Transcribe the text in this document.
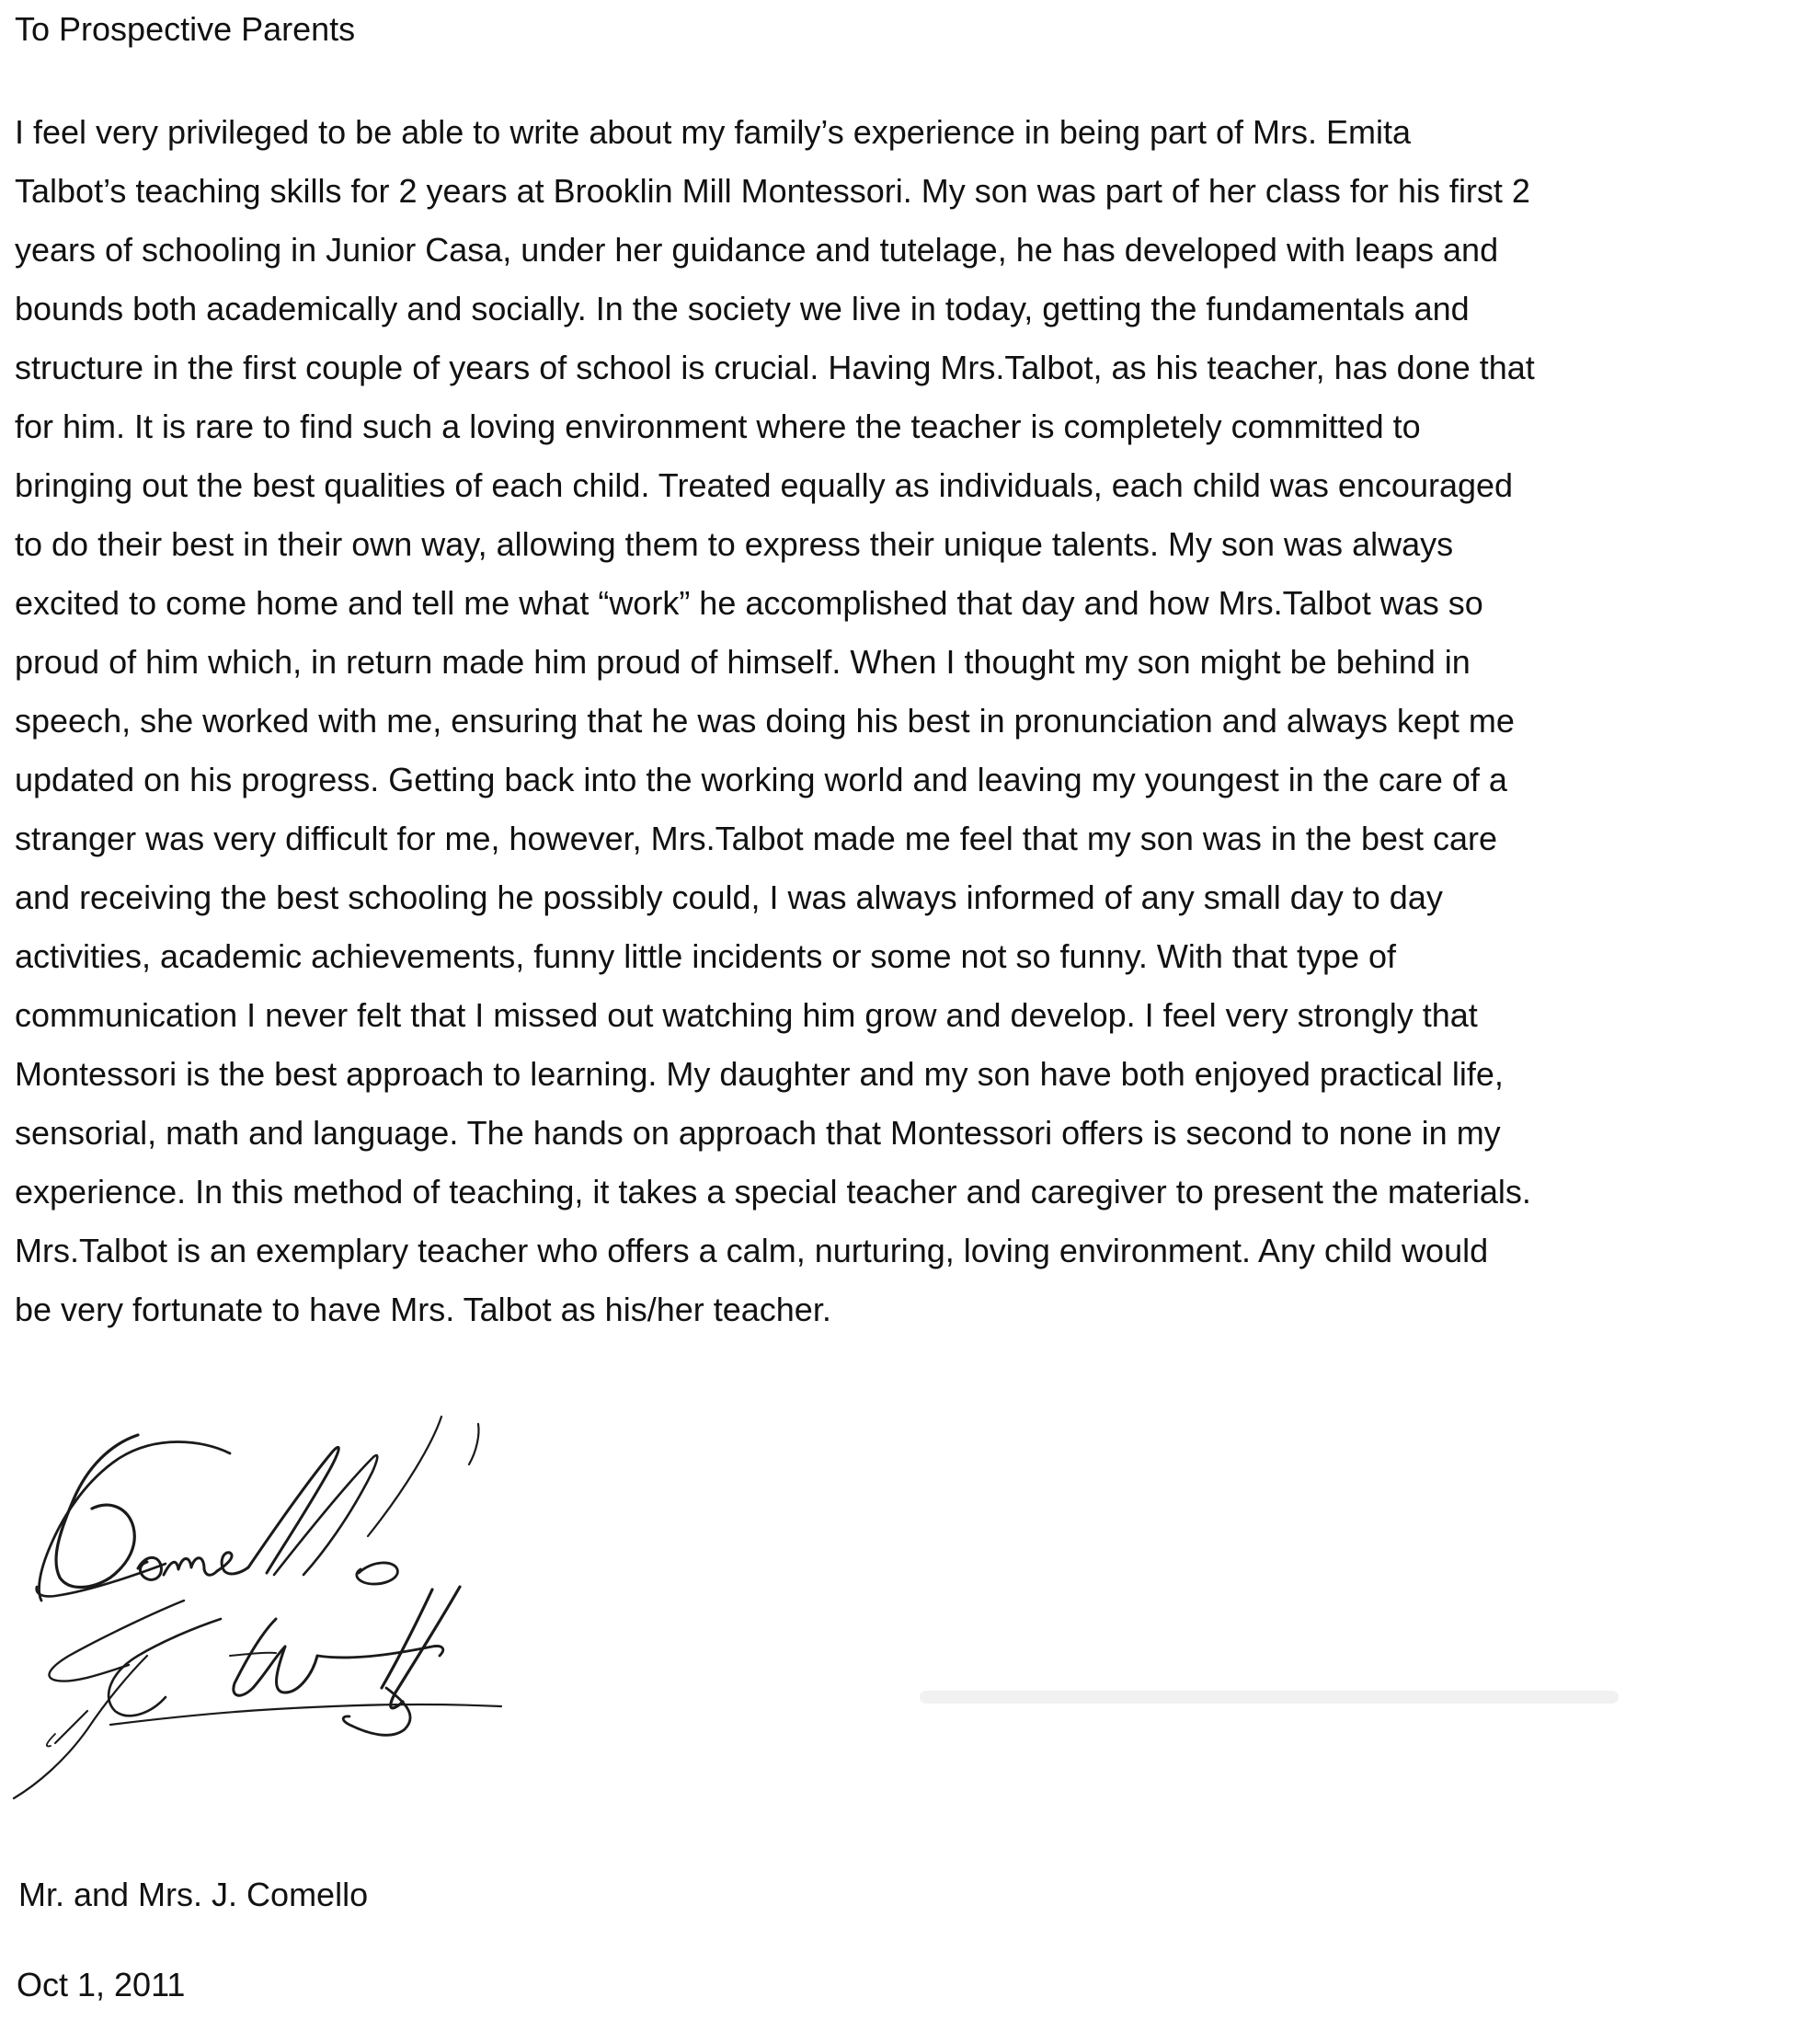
To Prospective Parents
I feel very privileged to be able to write about my family’s experience in being part of Mrs. Emita
Talbot’s teaching skills for 2 years at Brooklin Mill Montessori. My son was part of her class for his first 2
years of schooling in Junior Casa, under her guidance and tutelage, he has developed with leaps and
bounds both academically and socially. In the society we live in today, getting the fundamentals and
structure in the first couple of years of school is crucial. Having Mrs.Talbot, as his teacher, has done that
for him. It is rare to find such a loving environment where the teacher is completely committed to
bringing out the best qualities of each child. Treated equally as individuals, each child was encouraged
to do their best in their own way, allowing them to express their unique talents. My son was always
excited to come home and tell me what “work” he accomplished that day and how Mrs.Talbot was so
proud of him which, in return made him proud of himself. When I thought my son might be behind in
speech, she worked with me, ensuring that he was doing his best in pronunciation and always kept me
updated on his progress. Getting back into the working world and leaving my youngest in the care of a
stranger was very difficult for me, however, Mrs.Talbot made me feel that my son was in the best care
and receiving the best schooling he possibly could, I was always informed of any small day to day
activities, academic achievements, funny little incidents or some not so funny. With that type of
communication I never felt that I missed out watching him grow and develop. I feel very strongly that
Montessori is the best approach to learning. My daughter and my son have both enjoyed practical life,
sensorial, math and language. The hands on approach that Montessori offers is second to none in my
experience. In this method of teaching, it takes a special teacher and caregiver to present the materials.
Mrs.Talbot is an exemplary teacher who offers a calm, nurturing, loving environment. Any child would
be very fortunate to have Mrs. Talbot as his/her teacher.
Mr. and Mrs. J. Comello
Oct 1, 2011
